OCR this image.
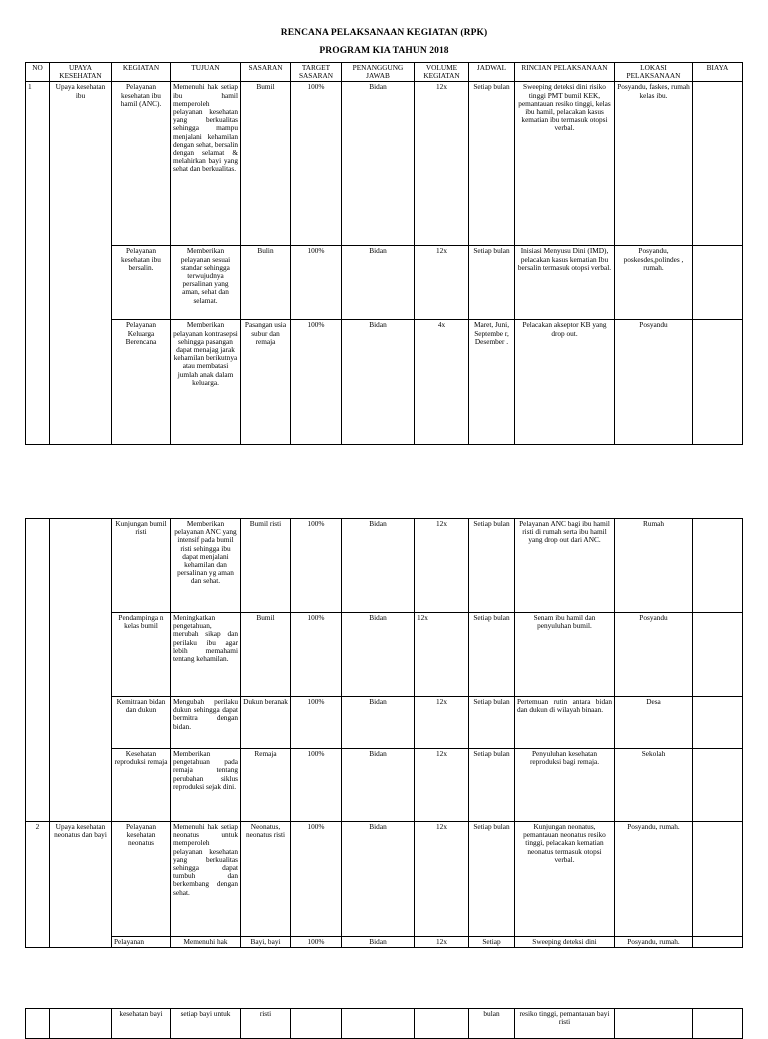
RENCANA PELAKSANAAN KEGIATAN (RPK)
PROGRAM KIA TAHUN 2018
NO	UPAYA KESEHATAN	KEGIATAN	TUJUAN	SASARAN	TARGET SASARAN	PENANGGUNG JAWAB	VOLUME KEGIATAN	JADWAL	RINCIAN PELAKSANAAN	LOKASI PELAKSANAAN	BIAYA
1	Upaya kesehatan ibu	Pelayanan kesehatan ibu hamil (ANC).	Memenuhi hak setiap ibu hamil memperoleh pelayanan kesehatan yang berkualitas sehingga mampu menjalani kehamilan dengan sehat, bersalin dengan selamat & melahirkan bayi yang sehat dan berkualitas.	Bumil	100%	Bidan	12x	Setiap bulan	Sweeping deteksi dini risiko tinggi PMT bumil KEK, pemantauan resiko tinggi, kelas ibu hamil, pelacakan kasus kematian ibu termasuk otopsi verbal.	Posyandu, faskes, rumah kelas ibu.	
		Pelayanan kesehatan ibu bersalin.	Memberikan pelayanan sesuai standar sehingga terwujudnya persalinan yang aman, sehat dan selamat.	Bulin	100%	Bidan	12x	Setiap bulan	Inisiasi Menyusu Dini (IMD), pelacakan kasus kematian Ibu bersalin termasuk otopsi verbal.	Posyandu, poskesdes,polindes , rumah.	
		Pelayanan Keluarga Berencana	Memberikan pelayanan kontrasepsi sehingga pasangan dapat menajag jarak kehamilan berikutnya atau membatasi jumlah anak dalam keluarga.	Pasangan usia subur dan remaja	100%	Bidan	4x	Maret, Juni, Septembe r, Desember .	Pelacakan akseptor KB yang drop out.	Posyandu	
		Kunjungan bumil risti	Memberikan pelayanan ANC yang intensif pada bumil risti sehingga ibu dapat menjalani kehamilan dan persalinan yg aman dan sehat.	Bumil risti	100%	Bidan	12x	Setiap bulan	Pelayanan ANC bagi ibu hamil risti di rumah serta ibu hamil yang drop out dari ANC.	Rumah	
		Pendampinga n kelas bumil	Meningkatkan pengetahuan, merubah sikap dan perilaku ibu agar lebih memahami tentang kehamilan.	Bumil	100%	Bidan	12x	Setiap bulan	Senam ibu hamil dan penyuluhan bumil.	Posyandu	
		Kemitraan bidan dan dukun	Mengubah perilaku dukun sehingga dapat bermitra dengan bidan.	Dukun beranak	100%	Bidan	12x	Setiap bulan	Pertemuan rutin antara bidan dan dukun di wilayah binaan.	Desa	
		Kesehatan reproduksi remaja	Memberikan pengetahuan pada remaja tentang perubahan siklus reproduksi sejak dini.	Remaja	100%	Bidan	12x	Setiap bulan	Penyuluhan kesehatan reproduksi bagi remaja.	Sekolah	
2	Upaya kesehatan neonatus dan bayi	Pelayanan kesehatan neonatus	Memenuhi hak setiap neonatus untuk memperoleh pelayanan kesehatan yang berkualitas sehingga dapat tumbuh dan berkembang dengan sehat.	Neonatus, neonatus risti	100%	Bidan	12x	Setiap bulan	Kunjungan neonatus, pemantauan neonatus resiko tinggi, pelacakan kematian neonatus termasuk otopsi verbal.	Posyandu, rumah.	
		Pelayanan	Memenuhi hak	Bayi, bayi	100%	Bidan	12x	Setiap	Sweeping deteksi dini	Posyandu, rumah.	
		kesehatan bayi	setiap bayi untuk	risti				bulan	resiko tinggi, pemantauan bayi risti		
